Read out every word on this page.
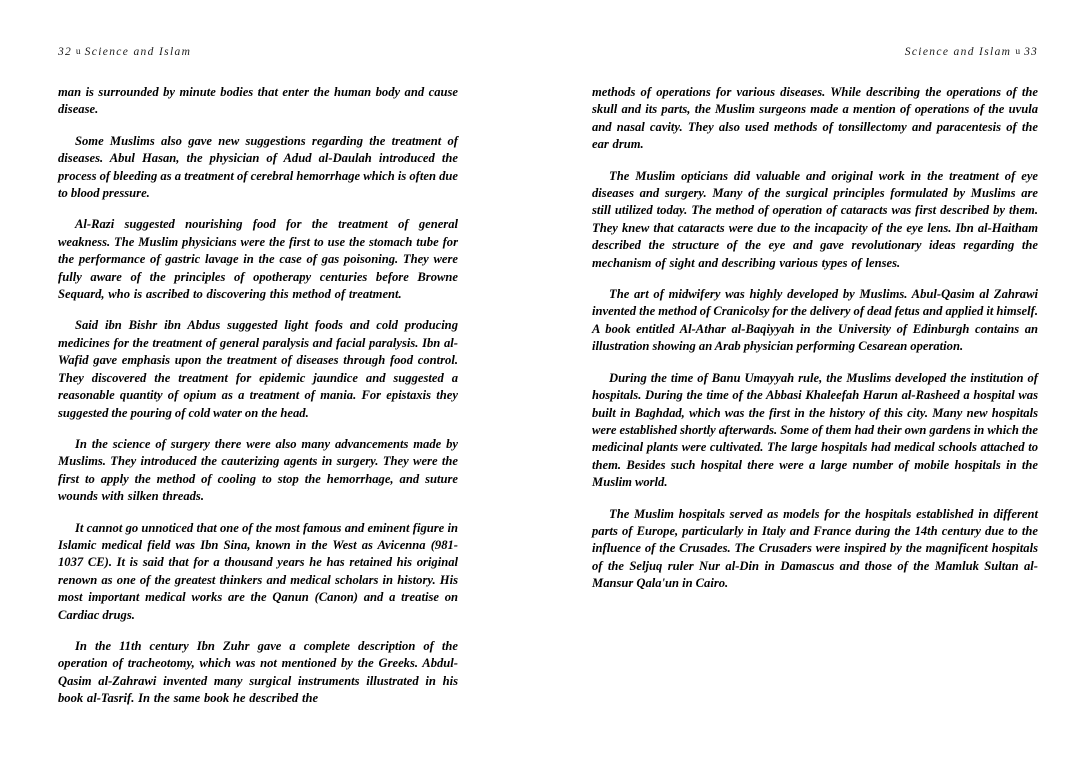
32 u Science and Islam

man is surrounded by minute bodies that enter the human body and cause disease.

Some Muslims also gave new suggestions regarding the treatment of diseases. Abul Hasan, the physician of Adud al-Daulah introduced the process of bleeding as a treatment of cerebral hemorrhage which is often due to blood pressure.

Al-Razi suggested nourishing food for the treatment of general weakness. The Muslim physicians were the first to use the stomach tube for the performance of gastric lavage in the case of gas poisoning. They were fully aware of the principles of opotherapy centuries before Browne Sequard, who is ascribed to discovering this method of treatment.

Said ibn Bishr ibn Abdus suggested light foods and cold producing medicines for the treatment of general paralysis and facial paralysis. Ibn al-Wafid gave emphasis upon the treatment of diseases through food control. They discovered the treatment for epidemic jaundice and suggested a reasonable quantity of opium as a treatment of mania. For epistaxis they suggested the pouring of cold water on the head.

In the science of surgery there were also many advancements made by Muslims. They introduced the cauterizing agents in surgery. They were the first to apply the method of cooling to stop the hemorrhage, and suture wounds with silken threads.

It cannot go unnoticed that one of the most famous and eminent figure in Islamic medical field was Ibn Sina, known in the West as Avicenna (981-1037 CE). It is said that for a thousand years he has retained his original renown as one of the greatest thinkers and medical scholars in history. His most important medical works are the Qanun (Canon) and a treatise on Cardiac drugs.

In the 11th century Ibn Zuhr gave a complete description of the operation of tracheotomy, which was not mentioned by the Greeks. Abdul-Qasim al-Zahrawi invented many surgical instruments illustrated in his book al-Tasrif. In the same book he described the

Science and Islam u 33

methods of operations for various diseases. While describing the operations of the skull and its parts, the Muslim surgeons made a mention of operations of the uvula and nasal cavity. They also used methods of tonsillectomy and paracentesis of the ear drum.

The Muslim opticians did valuable and original work in the treatment of eye diseases and surgery. Many of the surgical principles formulated by Muslims are still utilized today. The method of operation of cataracts was first described by them. They knew that cataracts were due to the incapacity of the eye lens. Ibn al-Haitham described the structure of the eye and gave revolutionary ideas regarding the mechanism of sight and describing various types of lenses.

The art of midwifery was highly developed by Muslims. Abul-Qasim al Zahrawi invented the method of Cranicolsy for the delivery of dead fetus and applied it himself. A book entitled Al-Athar al-Baqiyyah in the University of Edinburgh contains an illustration showing an Arab physician performing Cesarean operation.

During the time of Banu Umayyah rule, the Muslims developed the institution of hospitals. During the time of the Abbasi Khaleefah Harun al-Rasheed a hospital was built in Baghdad, which was the first in the history of this city. Many new hospitals were established shortly afterwards. Some of them had their own gardens in which the medicinal plants were cultivated. The large hospitals had medical schools attached to them. Besides such hospital there were a large number of mobile hospitals in the Muslim world.

The Muslim hospitals served as models for the hospitals established in different parts of Europe, particularly in Italy and France during the 14th century due to the influence of the Crusades. The Crusaders were inspired by the magnificent hospitals of the Seljuq ruler Nur al-Din in Damascus and those of the Mamluk Sultan al-Mansur Qala'un in Cairo.
